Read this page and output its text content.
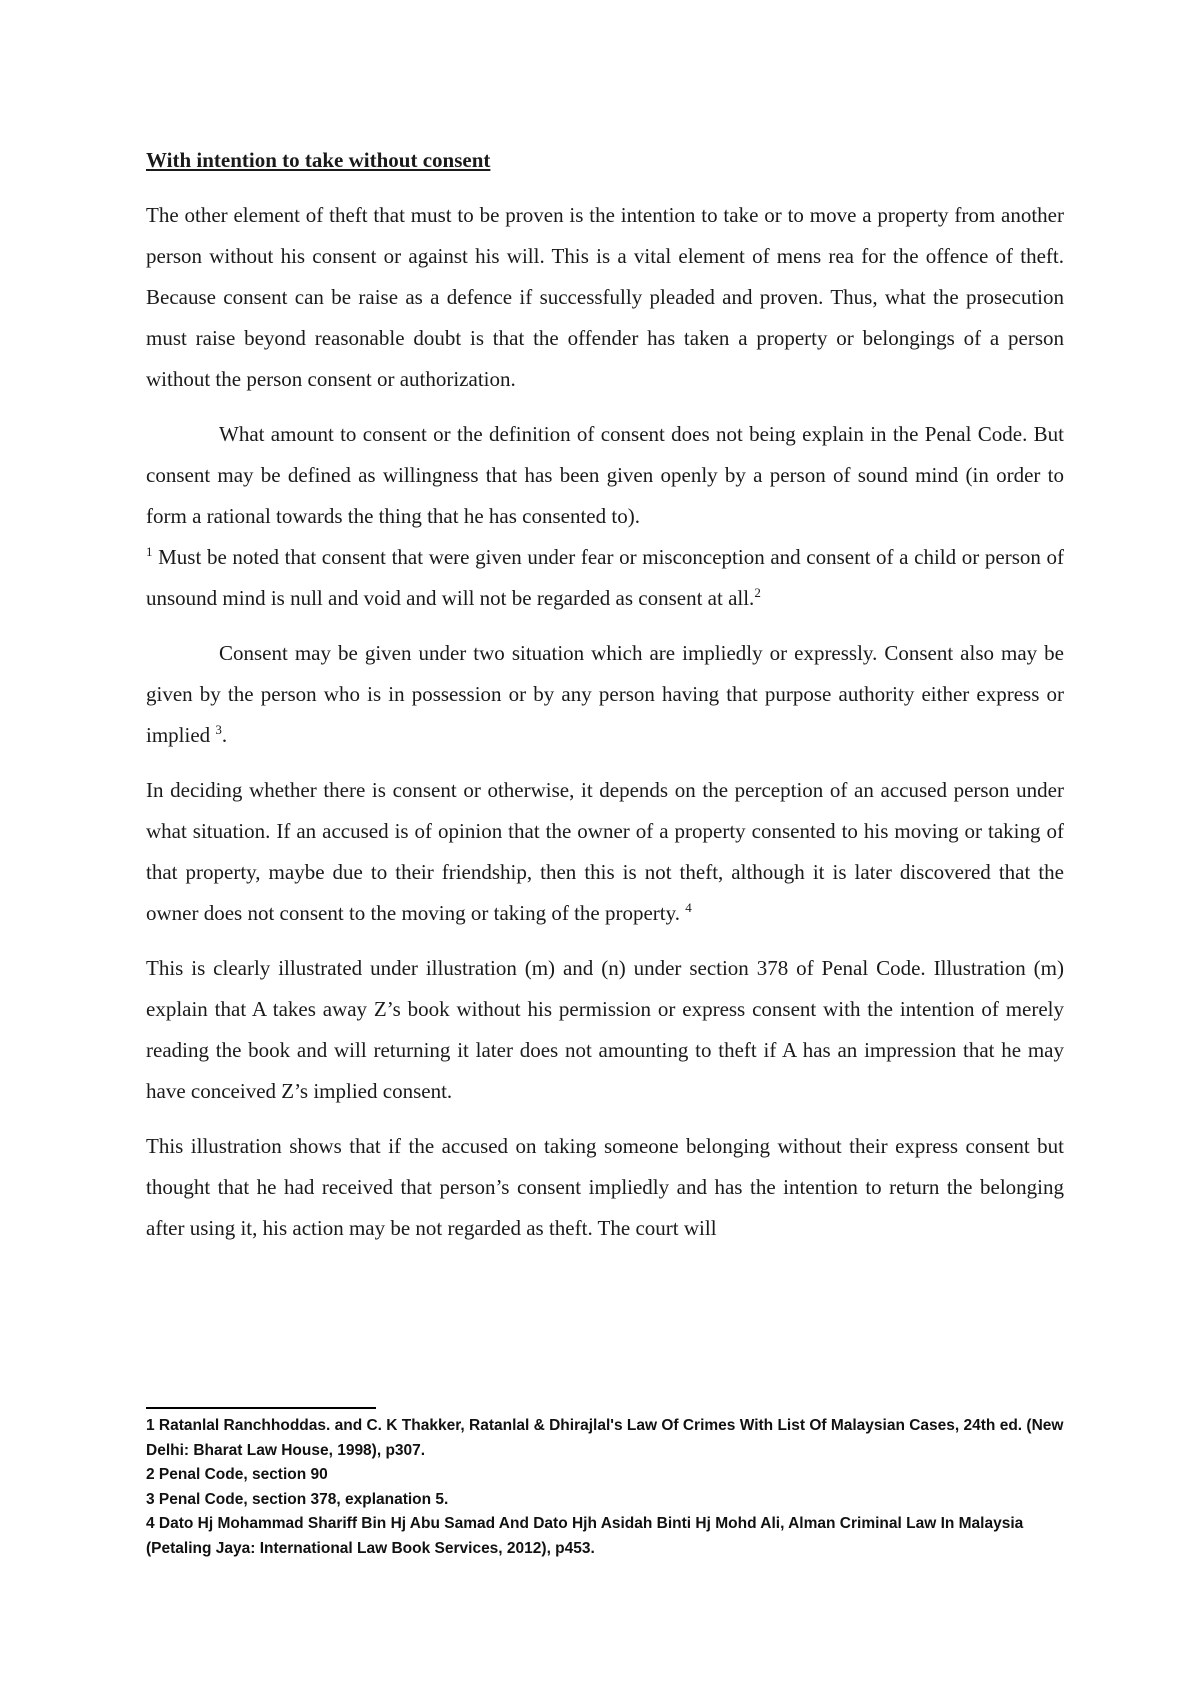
With intention to take without consent

The other element of theft that must to be proven is the intention to take or to move a property from another person without his consent or against his will. This is a vital element of mens rea for the offence of theft. Because consent can be raise as a defence if successfully pleaded and proven. Thus, what the prosecution must raise beyond reasonable doubt is that the offender has taken a property or belongings of a person without the person consent or authorization.

What amount to consent or the definition of consent does not being explain in the Penal Code. But consent may be defined as willingness that has been given openly by a person of sound mind (in order to form a rational towards the thing that he has consented to).
$^1$ Must be noted that consent that were given under fear or misconception and consent of a child or person of unsound mind is null and void and will not be regarded as consent at all.$^2$

Consent may be given under two situation which are impliedly or expressly. Consent also may be given by the person who is in possession or by any person having that purpose authority either express or implied $^3$.

In deciding whether there is consent or otherwise, it depends on the perception of an accused person under what situation. If an accused is of opinion that the owner of a property consented to his moving or taking of that property, maybe due to their friendship, then this is not theft, although it is later discovered that the owner does not consent to the moving or taking of the property. $^4$

This is clearly illustrated under illustration (m) and (n) under section 378 of Penal Code. Illustration (m) explain that A takes away Z’s book without his permission or express consent with the intention of merely reading the book and will returning it later does not amounting to theft if A has an impression that he may have conceived Z’s implied consent.

This illustration shows that if the accused on taking someone belonging without their express consent but thought that he had received that person’s consent impliedly and has the intention to return the belonging after using it, his action may be not regarded as theft. The court will

1 Ratanlal Ranchhoddas. and C. K Thakker, Ratanlal & Dhirajlal's Law Of Crimes With List Of Malaysian Cases, 24th ed. (New Delhi: Bharat Law House, 1998), p307.

2 Penal Code, section 90

3 Penal Code, section 378, explanation 5.

4 Dato Hj Mohammad Shariff Bin Hj Abu Samad And Dato Hjh Asidah Binti Hj Mohd Ali, Alman Criminal Law In Malaysia (Petaling Jaya: International Law Book Services, 2012), p453.
